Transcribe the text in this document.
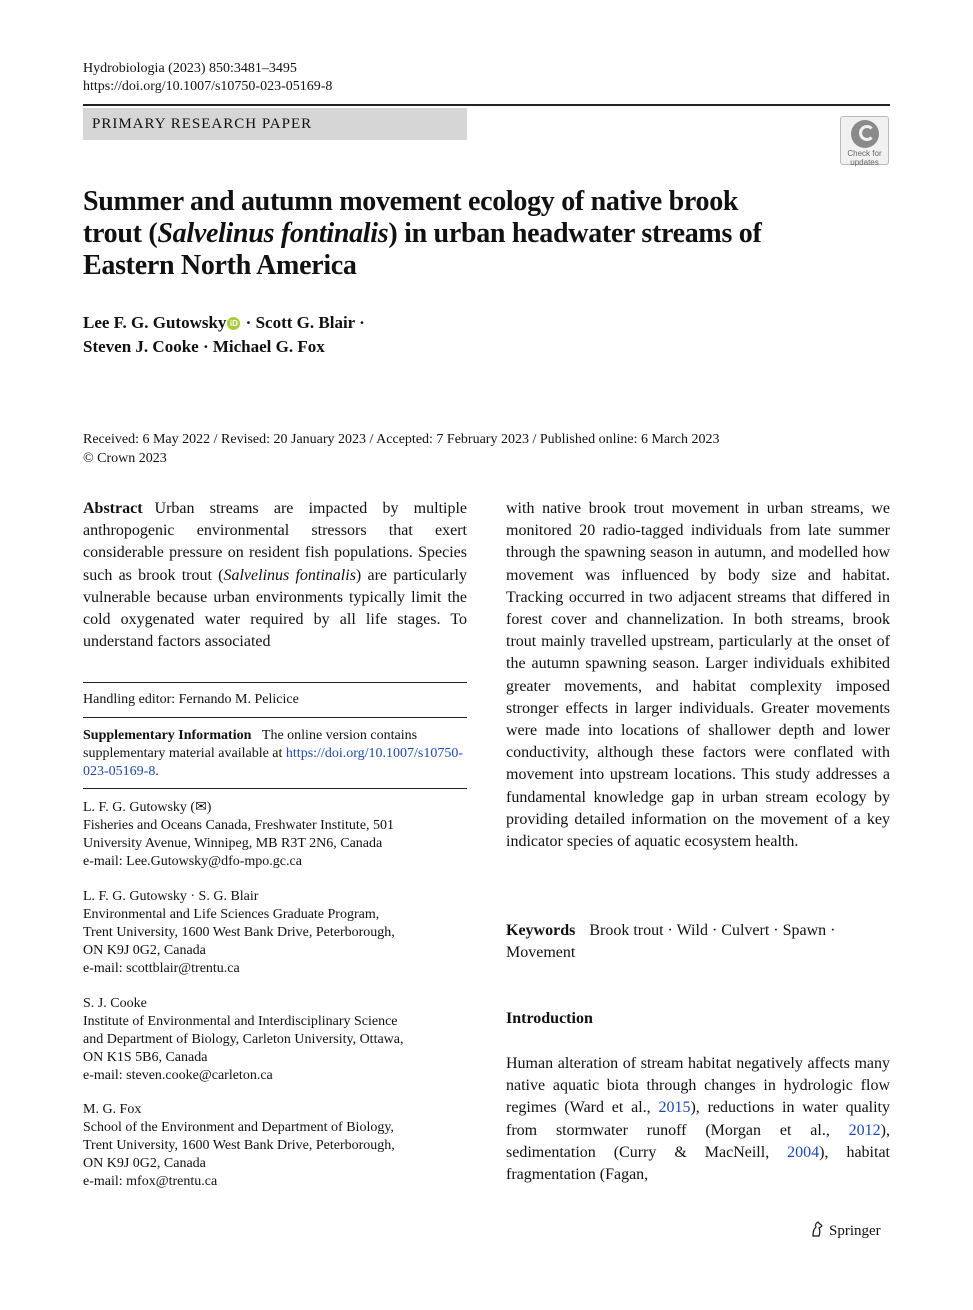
Hydrobiologia (2023) 850:3481–3495
https://doi.org/10.1007/s10750-023-05169-8
PRIMARY RESEARCH PAPER
Check for
updates
Summer and autumn movement ecology of native brook trout (Salvelinus fontinalis) in urban headwater streams of Eastern North America
Lee F. G. Gutowsky iD · Scott G. Blair ·
Steven J. Cooke · Michael G. Fox
Received: 6 May 2022 / Revised: 20 January 2023 / Accepted: 7 February 2023 / Published online: 6 March 2023
© Crown 2023
Abstract Urban streams are impacted by multiple anthropogenic environmental stressors that exert considerable pressure on resident fish populations. Species such as brook trout (Salvelinus fontinalis) are particularly vulnerable because urban environments typically limit the cold oxygenated water required by all life stages. To understand factors associated
with native brook trout movement in urban streams, we monitored 20 radio-tagged individuals from late summer through the spawning season in autumn, and modelled how movement was influenced by body size and habitat. Tracking occurred in two adjacent streams that differed in forest cover and channelization. In both streams, brook trout mainly travelled upstream, particularly at the onset of the autumn spawning season. Larger individuals exhibited greater movements, and habitat complexity imposed stronger effects in larger individuals. Greater movements were made into locations of shallower depth and lower conductivity, although these factors were conflated with movement into upstream locations. This study addresses a fundamental knowledge gap in urban stream ecology by providing detailed information on the movement of a key indicator species of aquatic ecosystem health.
Keywords Brook trout · Wild · Culvert · Spawn · Movement
Introduction
Human alteration of stream habitat negatively affects many native aquatic biota through changes in hydrologic flow regimes (Ward et al., 2015), reductions in water quality from stormwater runoff (Morgan et al., 2012), sedimentation (Curry & MacNeill, 2004), habitat fragmentation (Fagan,
Handling editor: Fernando M. Pelicice
Supplementary Information The online version contains supplementary material available at https://doi.org/10.1007/s10750-023-05169-8.
L. F. G. Gutowsky (✉)
Fisheries and Oceans Canada, Freshwater Institute, 501
University Avenue, Winnipeg, MB R3T 2N6, Canada
e-mail: Lee.Gutowsky@dfo-mpo.gc.ca
L. F. G. Gutowsky · S. G. Blair
Environmental and Life Sciences Graduate Program,
Trent University, 1600 West Bank Drive, Peterborough,
ON K9J 0G2, Canada
e-mail: scottblair@trentu.ca
S. J. Cooke
Institute of Environmental and Interdisciplinary Science
and Department of Biology, Carleton University, Ottawa,
ON K1S 5B6, Canada
e-mail: steven.cooke@carleton.ca
M. G. Fox
School of the Environment and Department of Biology,
Trent University, 1600 West Bank Drive, Peterborough,
ON K9J 0G2, Canada
e-mail: mfox@trentu.ca
Springer
